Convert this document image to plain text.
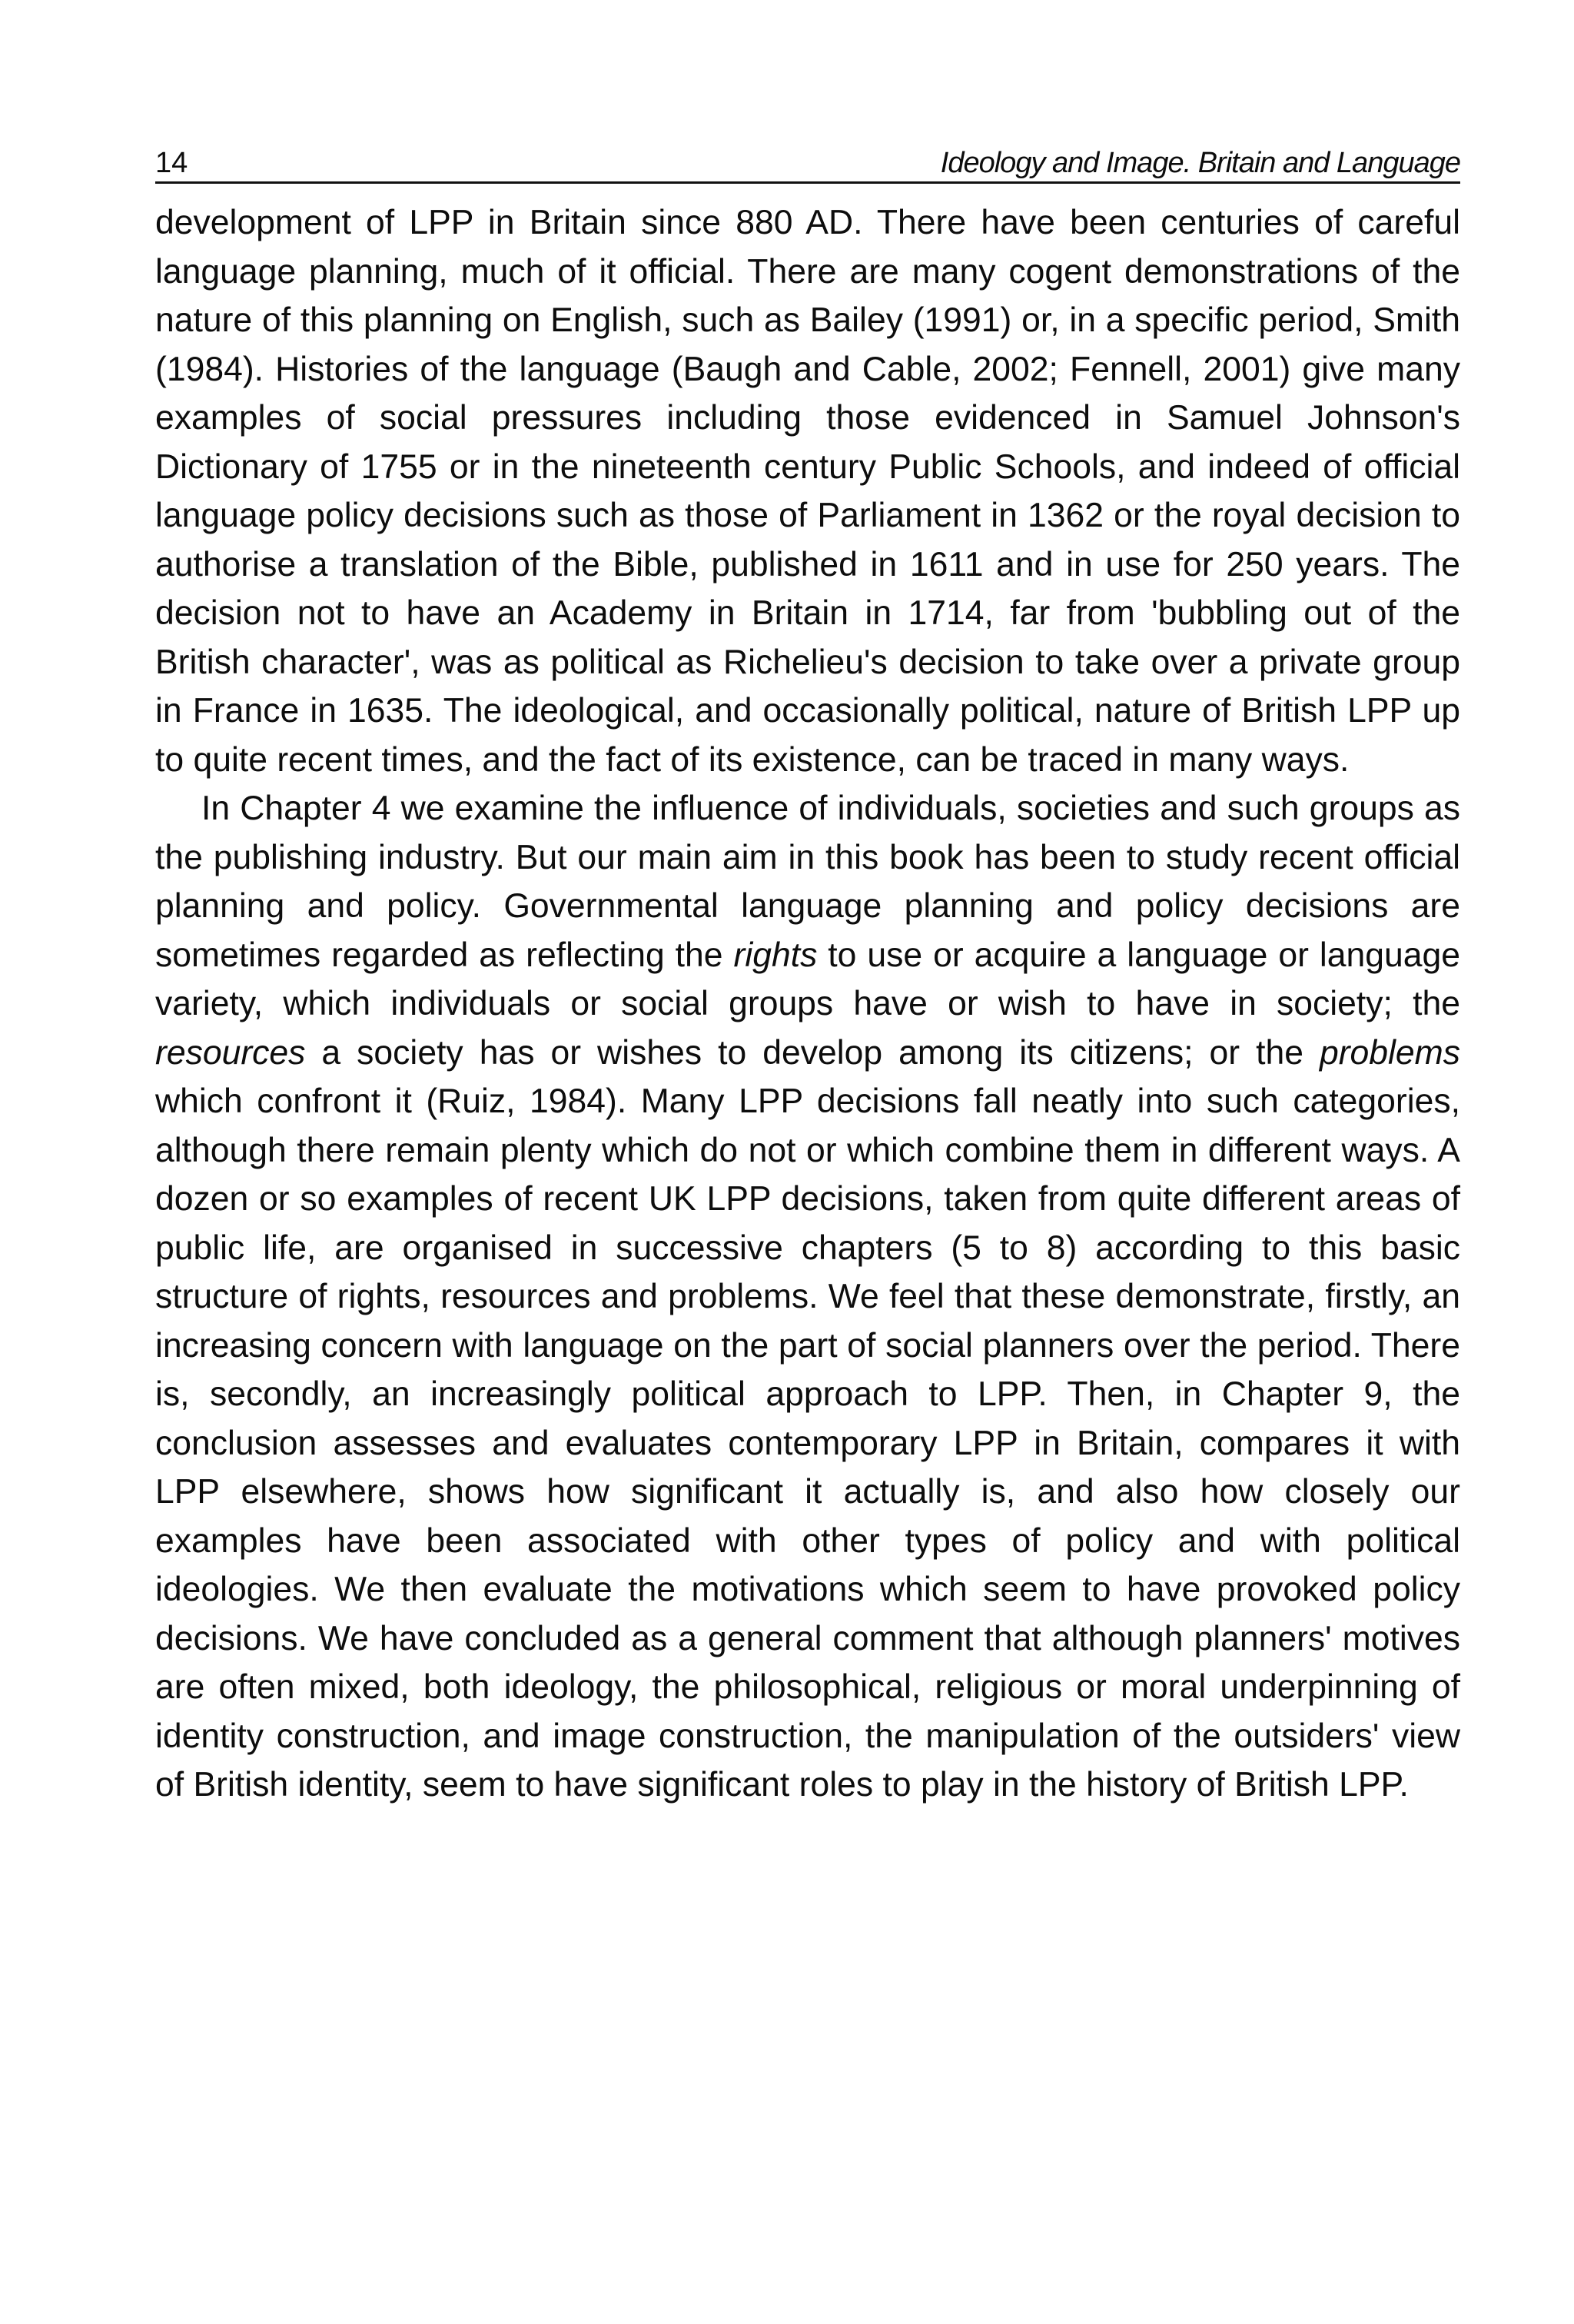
14	Ideology and Image. Britain and Language

development of LPP in Britain since 880 AD. There have been centuries of careful language planning, much of it official. There are many cogent demonstrations of the nature of this planning on English, such as Bailey (1991) or, in a specific period, Smith (1984). Histories of the language (Baugh and Cable, 2002; Fennell, 2001) give many examples of social pressures including those evidenced in Samuel Johnson's Dictionary of 1755 or in the nineteenth century Public Schools, and indeed of official language policy decisions such as those of Parliament in 1362 or the royal decision to authorise a translation of the Bible, published in 1611 and in use for 250 years. The decision not to have an Academy in Britain in 1714, far from 'bubbling out of the British character', was as political as Richelieu's decision to take over a private group in France in 1635. The ideological, and occasionally political, nature of British LPP up to quite recent times, and the fact of its existence, can be traced in many ways.

In Chapter 4 we examine the influence of individuals, societies and such groups as the publishing industry. But our main aim in this book has been to study recent official planning and policy. Governmental language planning and policy decisions are sometimes regarded as reflecting the rights to use or acquire a language or language variety, which individuals or social groups have or wish to have in society; the resources a society has or wishes to develop among its citizens; or the problems which confront it (Ruiz, 1984). Many LPP decisions fall neatly into such categories, although there remain plenty which do not or which combine them in different ways. A dozen or so examples of recent UK LPP decisions, taken from quite different areas of public life, are organised in successive chapters (5 to 8) according to this basic structure of rights, resources and problems. We feel that these demonstrate, firstly, an increasing concern with language on the part of social planners over the period. There is, secondly, an increasingly political approach to LPP. Then, in Chapter 9, the conclusion assesses and evaluates contemporary LPP in Britain, compares it with LPP elsewhere, shows how significant it actually is, and also how closely our examples have been associated with other types of policy and with political ideologies. We then evaluate the motivations which seem to have provoked policy decisions. We have concluded as a general comment that although planners' motives are often mixed, both ideology, the philosophical, religious or moral underpinning of identity construction, and image construction, the manipulation of the outsiders' view of British identity, seem to have significant roles to play in the history of British LPP.
